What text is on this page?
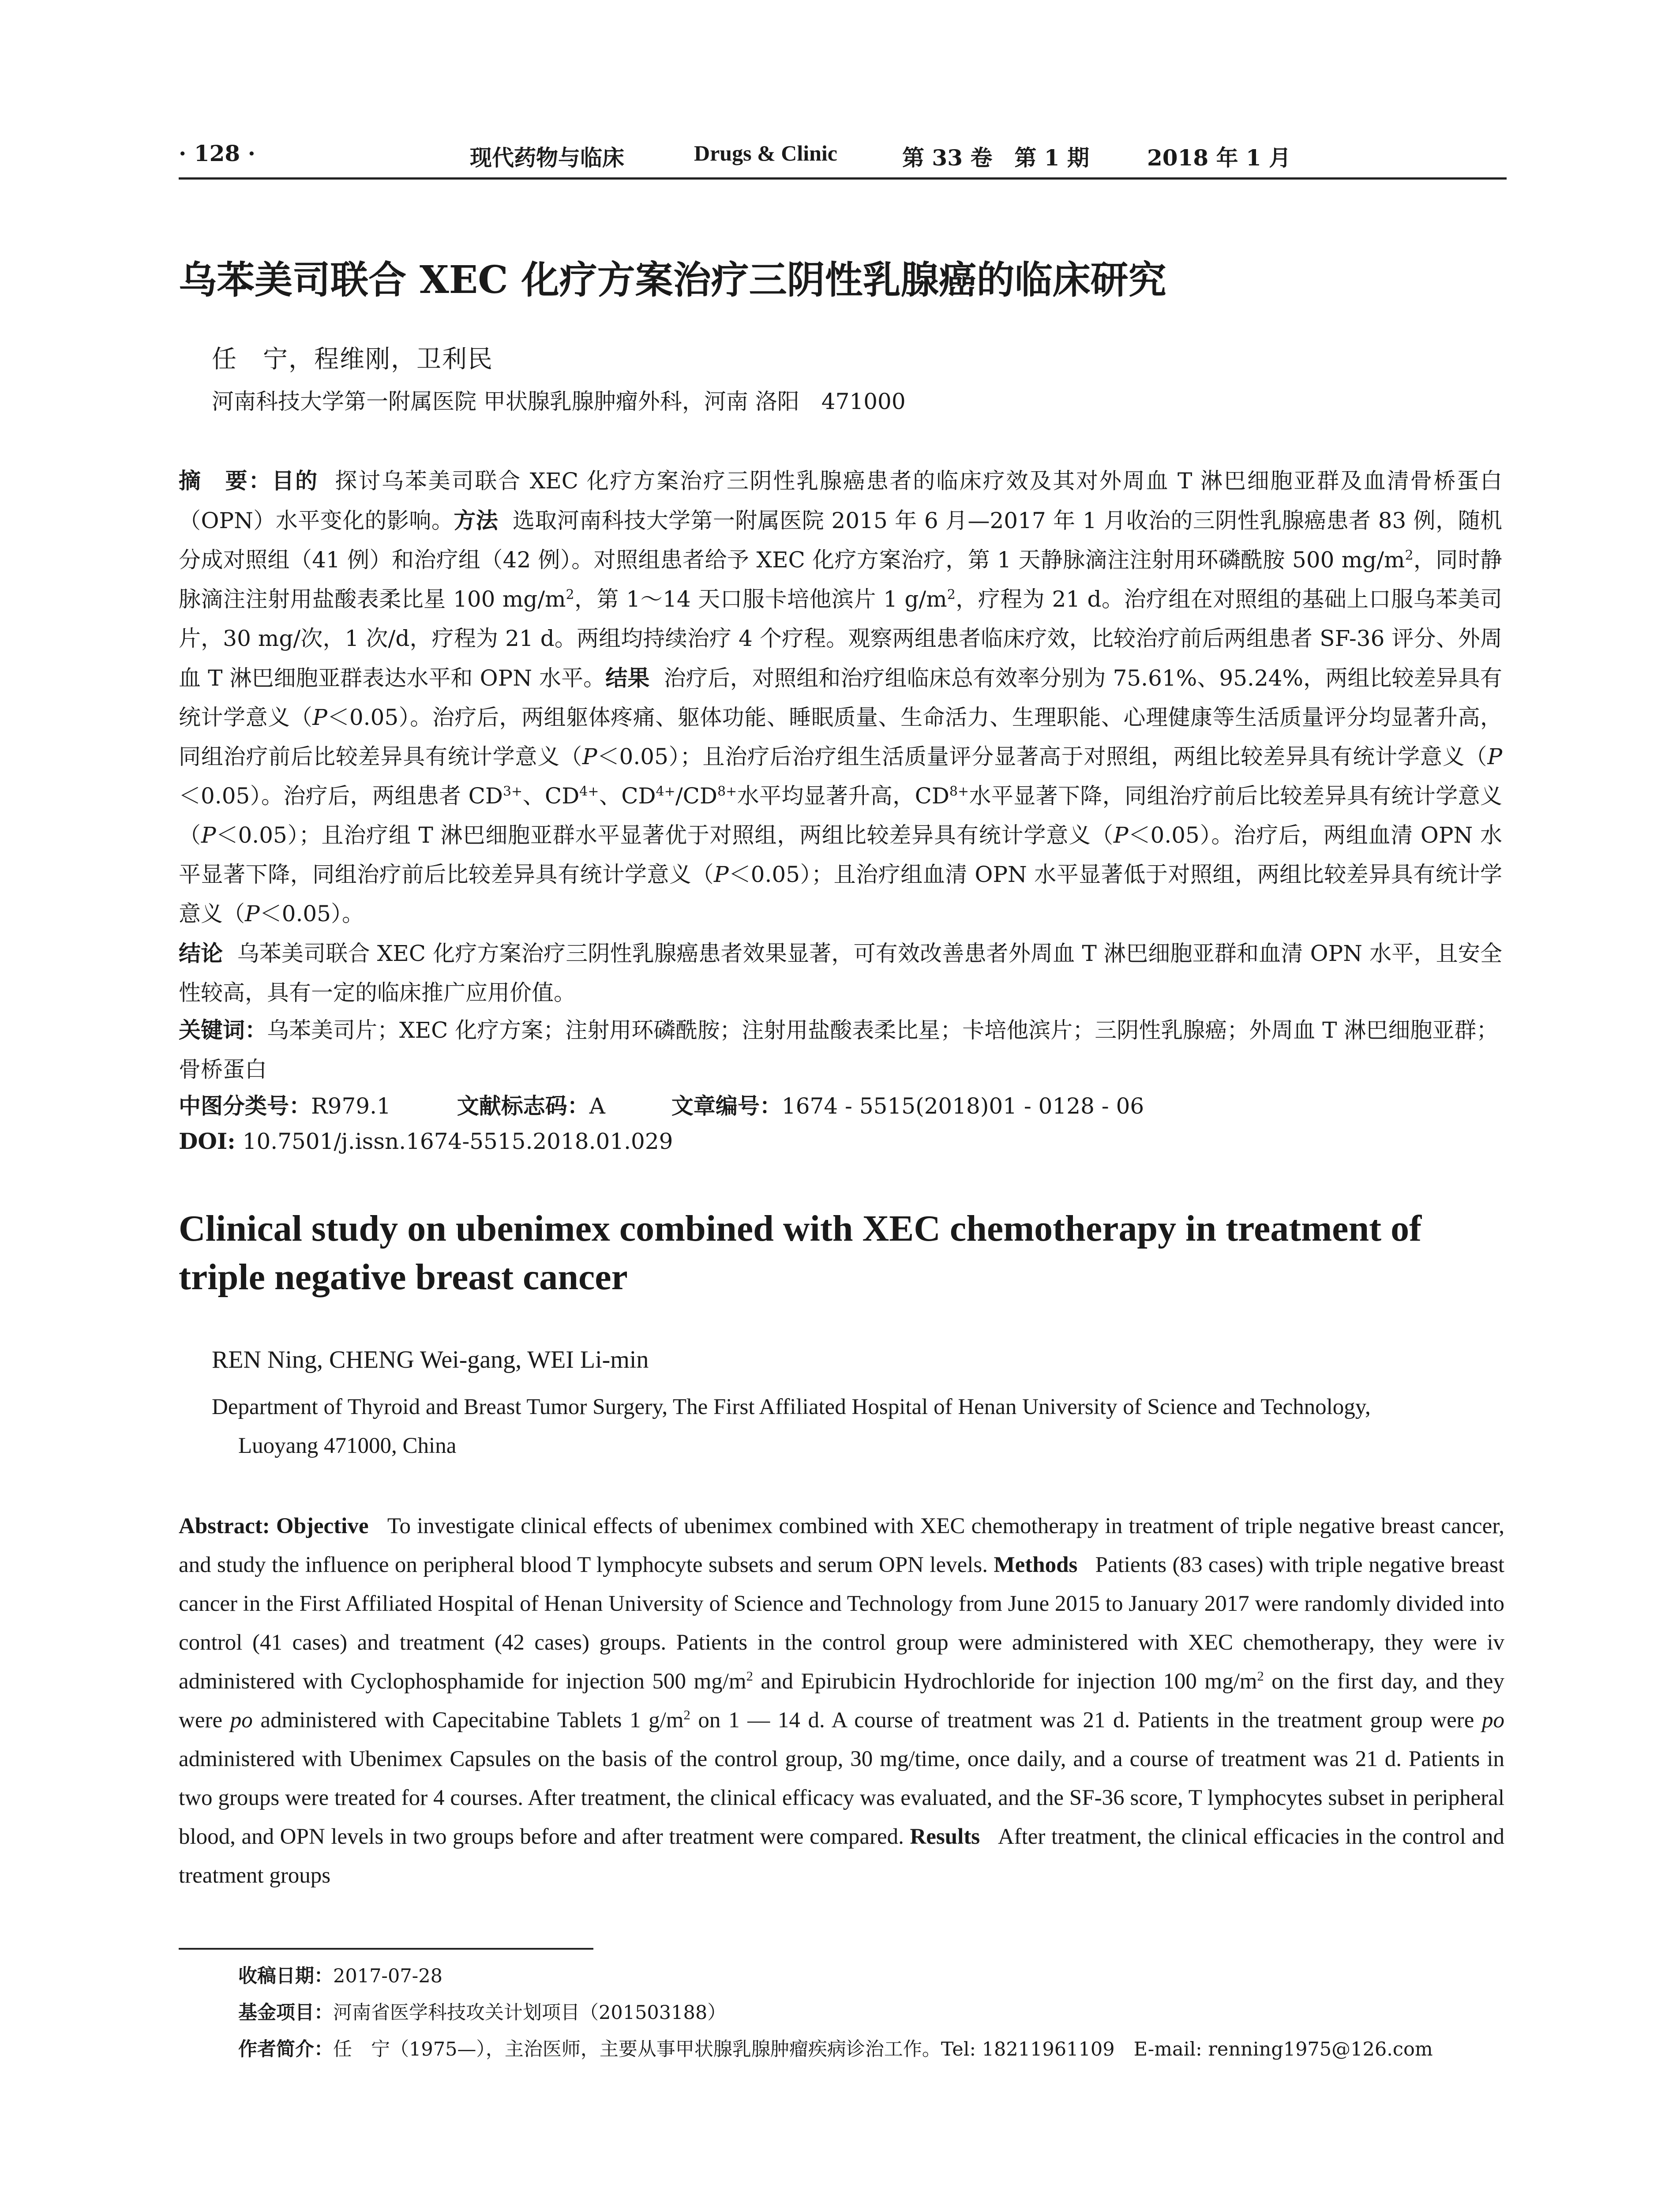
· 128 ·	现代药物与临床	Drugs & Clinic	第 33 卷　第 1 期	2018 年 1 月
乌苯美司联合 XEC 化疗方案治疗三阴性乳腺癌的临床研究
任　宁，程维刚，卫利民
河南科技大学第一附属医院 甲状腺乳腺肿瘤外科，河南 洛阳　471000
摘　要：目的 探讨乌苯美司联合 XEC 化疗方案治疗三阴性乳腺癌患者的临床疗效及其对外周血 T 淋巴细胞亚群及血清骨桥蛋白（OPN）水平变化的影响。方法 选取河南科技大学第一附属医院 2015 年 6 月—2017 年 1 月收治的三阴性乳腺癌患者 83 例，随机分成对照组（41 例）和治疗组（42 例）。对照组患者给予 XEC 化疗方案治疗，第 1 天静脉滴注注射用环磷酰胺 500 $mg/m^2$，同时静脉滴注注射用盐酸表柔比星 100 $mg/m^2$，第 1～14 天口服卡培他滨片 1 $g/m^2$，疗程为 21 d。治疗组在对照组的基础上口服乌苯美司片，30 mg/次，1 次/d，疗程为 21 d。两组均持续治疗 4 个疗程。观察两组患者临床疗效，比较治疗前后两组患者 SF-36 评分、外周血 T 淋巴细胞亚群表达水平和 OPN 水平。结果 治疗后，对照组和治疗组临床总有效率分别为 75.61%、95.24%，两组比较差异具有统计学意义（P＜0.05）。治疗后，两组躯体疼痛、躯体功能、睡眠质量、生命活力、生理职能、心理健康等生活质量评分均显著升高，同组治疗前后比较差异具有统计学意义（P＜0.05）；且治疗后治疗组生活质量评分显著高于对照组，两组比较差异具有统计学意义（P＜0.05）。治疗后，两组患者 $CD^{3+}$、$CD^{4+}$、$CD^{4+}/CD^{8+}$水平均显著升高，$CD^{8+}$水平显著下降，同组治疗前后比较差异具有统计学意义（P＜0.05）；且治疗组 T 淋巴细胞亚群水平显著优于对照组，两组比较差异具有统计学意义（P＜0.05）。治疗后，两组血清 OPN 水平显著下降，同组治疗前后比较差异具有统计学意义（P＜0.05）；且治疗组血清 OPN 水平显著低于对照组，两组比较差异具有统计学意义（P＜0.05）。
结论 乌苯美司联合 XEC 化疗方案治疗三阴性乳腺癌患者效果显著，可有效改善患者外周血 T 淋巴细胞亚群和血清 OPN 水平，且安全性较高，具有一定的临床推广应用价值。
关键词：乌苯美司片；XEC 化疗方案；注射用环磷酰胺；注射用盐酸表柔比星；卡培他滨片；三阴性乳腺癌；外周血 T 淋巴细胞亚群；骨桥蛋白
中图分类号：R979.1	文献标志码：A	文章编号：1674 - 5515(2018)01 - 0128 - 06
DOI: 10.7501/j.issn.1674-5515.2018.01.029
Clinical study on ubenimex combined with XEC chemotherapy in treatment of triple negative breast cancer
REN Ning, CHENG Wei-gang, WEI Li-min
Department of Thyroid and Breast Tumor Surgery, The First Affiliated Hospital of Henan University of Science and Technology,
Luoyang 471000, China
Abstract: Objective To investigate clinical effects of ubenimex combined with XEC chemotherapy in treatment of triple negative breast cancer, and study the influence on peripheral blood T lymphocyte subsets and serum OPN levels. Methods Patients (83 cases) with triple negative breast cancer in the First Affiliated Hospital of Henan University of Science and Technology from June 2015 to January 2017 were randomly divided into control (41 cases) and treatment (42 cases) groups. Patients in the control group were administered with XEC chemotherapy, they were iv administered with Cyclophosphamide for injection 500 $mg/m^2$ and Epirubicin Hydrochloride for injection 100 $mg/m^2$ on the first day, and they were po administered with Capecitabine Tablets 1 $g/m^2$ on 1 — 14 d. A course of treatment was 21 d. Patients in the treatment group were po administered with Ubenimex Capsules on the basis of the control group, 30 mg/time, once daily, and a course of treatment was 21 d. Patients in two groups were treated for 4 courses. After treatment, the clinical efficacy was evaluated, and the SF-36 score, T lymphocytes subset in peripheral blood, and OPN levels in two groups before and after treatment were compared. Results After treatment, the clinical efficacies in the control and treatment groups
收稿日期：2017-07-28
基金项目：河南省医学科技攻关计划项目（201503188）
作者简介：任　宁（1975—），主治医师，主要从事甲状腺乳腺肿瘤疾病诊治工作。Tel: 18211961109　E-mail: renning1975@126.com
